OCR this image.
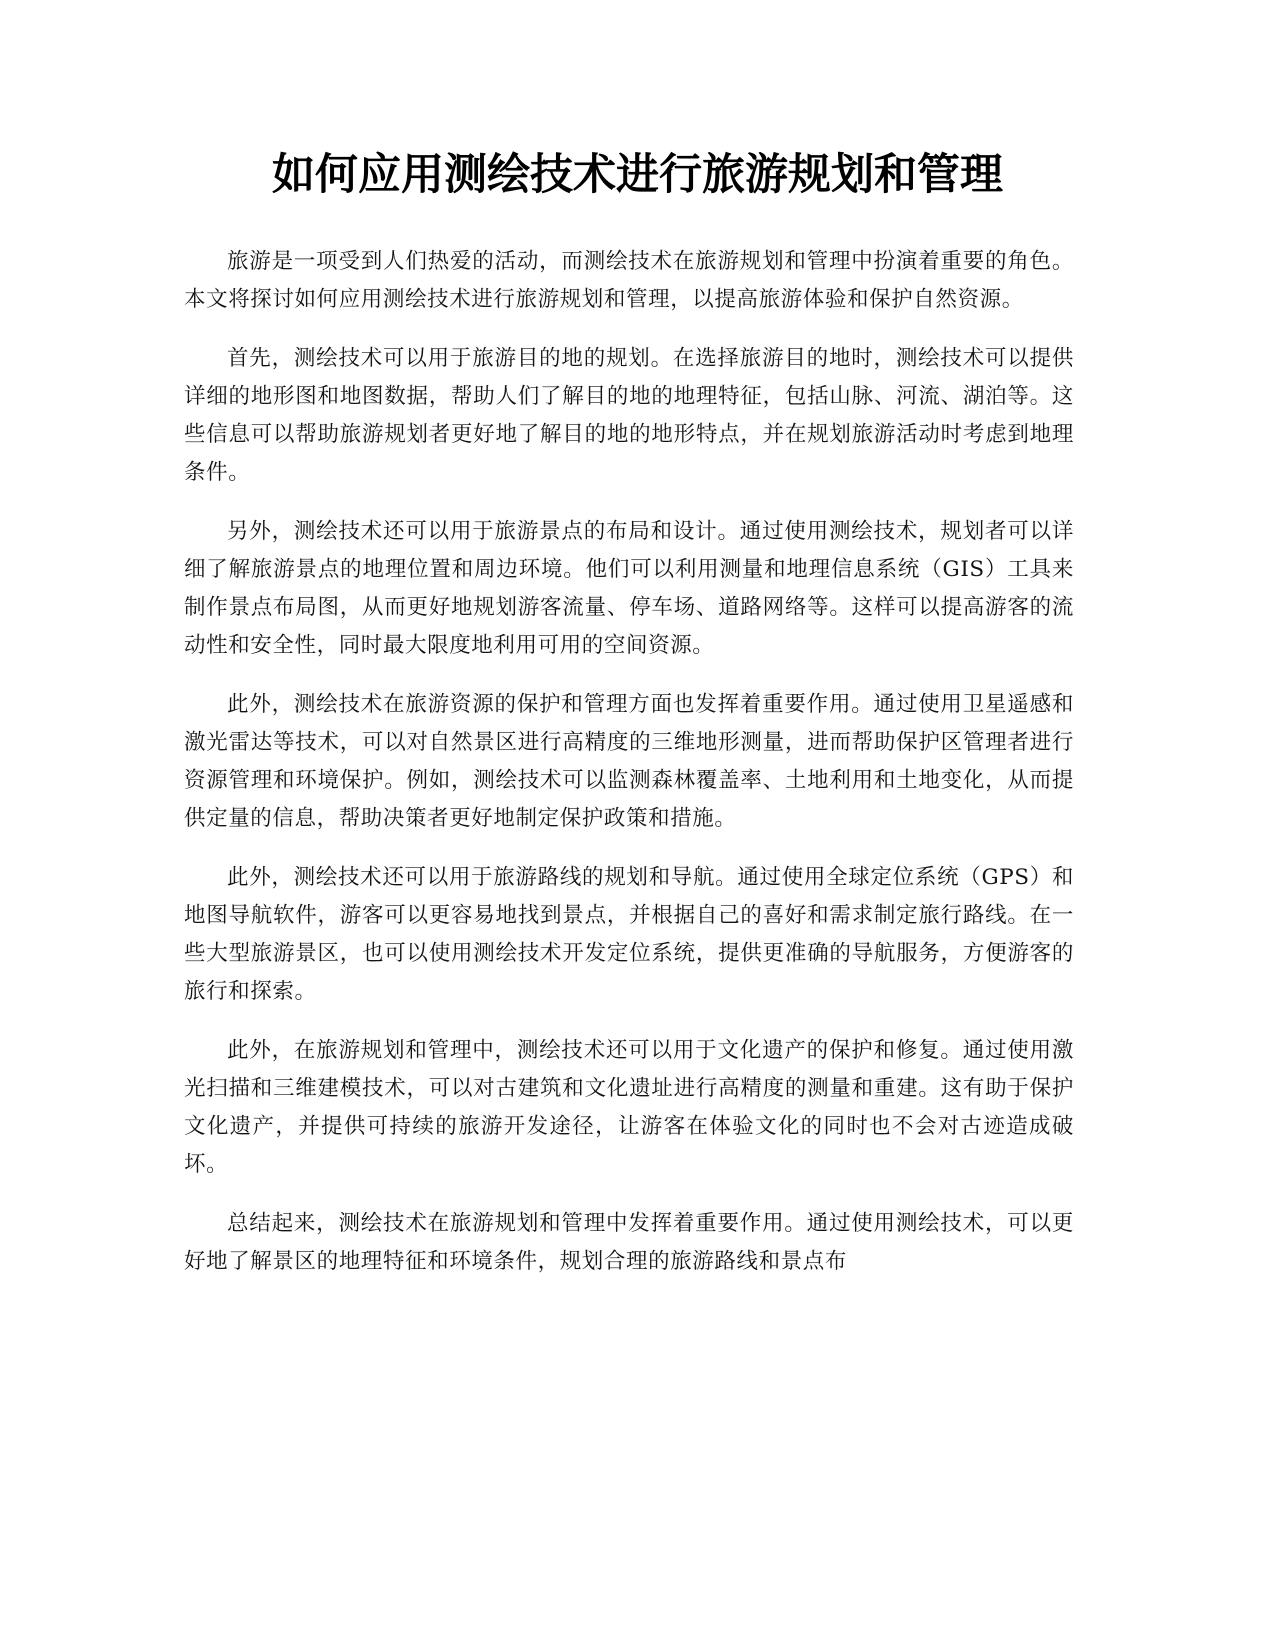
如何应用测绘技术进行旅游规划和管理

旅游是一项受到人们热爱的活动，而测绘技术在旅游规划和管理中扮演着重要的角色。本文将探讨如何应用测绘技术进行旅游规划和管理，以提高旅游体验和保护自然资源。

首先，测绘技术可以用于旅游目的地的规划。在选择旅游目的地时，测绘技术可以提供详细的地形图和地图数据，帮助人们了解目的地的地理特征，包括山脉、河流、湖泊等。这些信息可以帮助旅游规划者更好地了解目的地的地形特点，并在规划旅游活动时考虑到地理条件。

另外，测绘技术还可以用于旅游景点的布局和设计。通过使用测绘技术，规划者可以详细了解旅游景点的地理位置和周边环境。他们可以利用测量和地理信息系统（GIS）工具来制作景点布局图，从而更好地规划游客流量、停车场、道路网络等。这样可以提高游客的流动性和安全性，同时最大限度地利用可用的空间资源。

此外，测绘技术在旅游资源的保护和管理方面也发挥着重要作用。通过使用卫星遥感和激光雷达等技术，可以对自然景区进行高精度的三维地形测量，进而帮助保护区管理者进行资源管理和环境保护。例如，测绘技术可以监测森林覆盖率、土地利用和土地变化，从而提供定量的信息，帮助决策者更好地制定保护政策和措施。

此外，测绘技术还可以用于旅游路线的规划和导航。通过使用全球定位系统（GPS）和地图导航软件，游客可以更容易地找到景点，并根据自己的喜好和需求制定旅行路线。在一些大型旅游景区，也可以使用测绘技术开发定位系统，提供更准确的导航服务，方便游客的旅行和探索。

此外，在旅游规划和管理中，测绘技术还可以用于文化遗产的保护和修复。通过使用激光扫描和三维建模技术，可以对古建筑和文化遗址进行高精度的测量和重建。这有助于保护文化遗产，并提供可持续的旅游开发途径，让游客在体验文化的同时也不会对古迹造成破坏。

总结起来，测绘技术在旅游规划和管理中发挥着重要作用。通过使用测绘技术，可以更好地了解景区的地理特征和环境条件，规划合理的旅游路线和景点布
